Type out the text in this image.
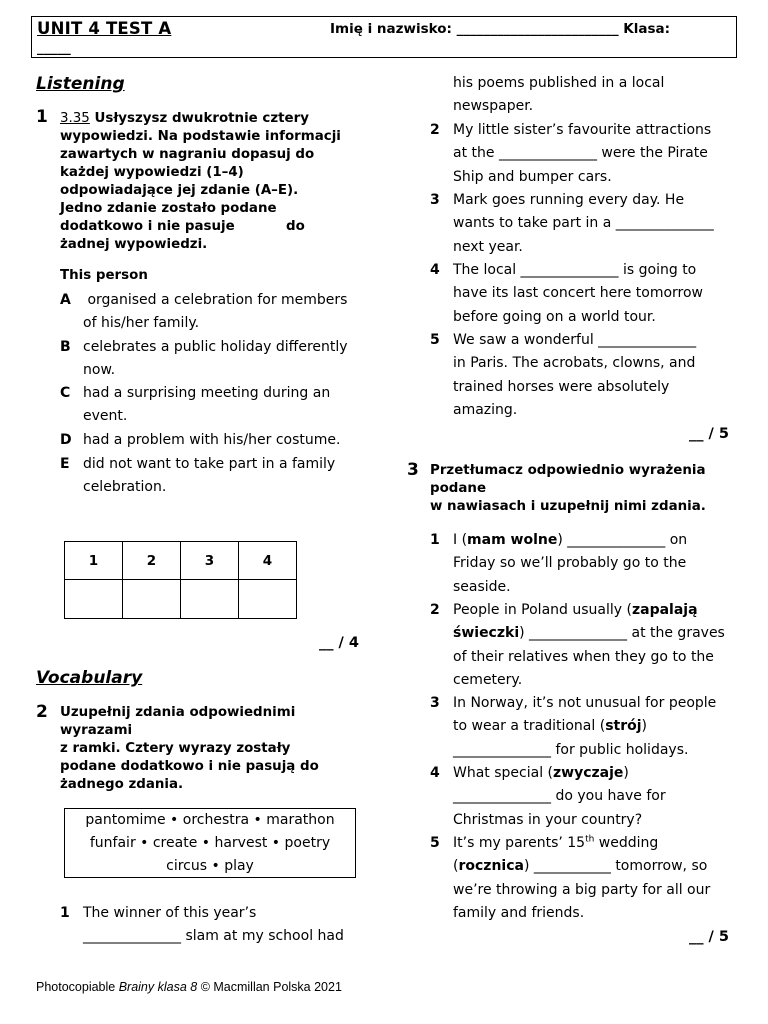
UNIT 4 TEST A	Imię i nazwisko: ________________________ Klasa:
_____
Listening
1 3.35 Usłyszysz dwukrotnie cztery
wypowiedzi. Na podstawie informacji
zawartych w nagraniu dopasuj do
każdej wypowiedzi (1–4)
odpowiadające jej zdanie (A–E).
Jedno zdanie zostało podane
dodatkowo i nie pasuje           do
żadnej wypowiedzi.
This person
A organised a celebration for members
of his/her family.
B celebrates a public holiday differently
now.
C had a surprising meeting during an
event.
D had a problem with his/her costume.
E did not want to take part in a family
celebration.
1	2	3	4

__ / 4
Vocabulary
2 Uzupełnij zdania odpowiednimi
wyrazami
z ramki. Cztery wyrazy zostały
podane dodatkowo i nie pasują do
żadnego zdania.
pantomime • orchestra • marathon
funfair • create • harvest • poetry
circus • play
1 The winner of this year’s
______________ slam at my school had
his poems published in a local
newspaper.
2 My little sister’s favourite attractions
at the ______________ were the Pirate
Ship and bumper cars.
3 Mark goes running every day. He
wants to take part in a ______________
next year.
4 The local ______________ is going to
have its last concert here tomorrow
before going on a world tour.
5 We saw a wonderful ______________
in Paris. The acrobats, clowns, and
trained horses were absolutely
amazing.
__ / 5
3 Przetłumacz odpowiednio wyrażenia
podane
w nawiasach i uzupełnij nimi zdania.
1 I (mam wolne) ______________ on
Friday so we’ll probably go to the
seaside.
2 People in Poland usually (zapalają
świeczki) ______________ at the graves
of their relatives when they go to the
cemetery.
3 In Norway, it’s not unusual for people
to wear a traditional (strój)
______________ for public holidays.
4 What special (zwyczaje)
______________ do you have for
Christmas in your country?
5 It’s my parents’ 15th wedding
(rocznica) ___________ tomorrow, so
we’re throwing a big party for all our
family and friends.
__ / 5
Photocopiable Brainy klasa 8 © Macmillan Polska 2021
